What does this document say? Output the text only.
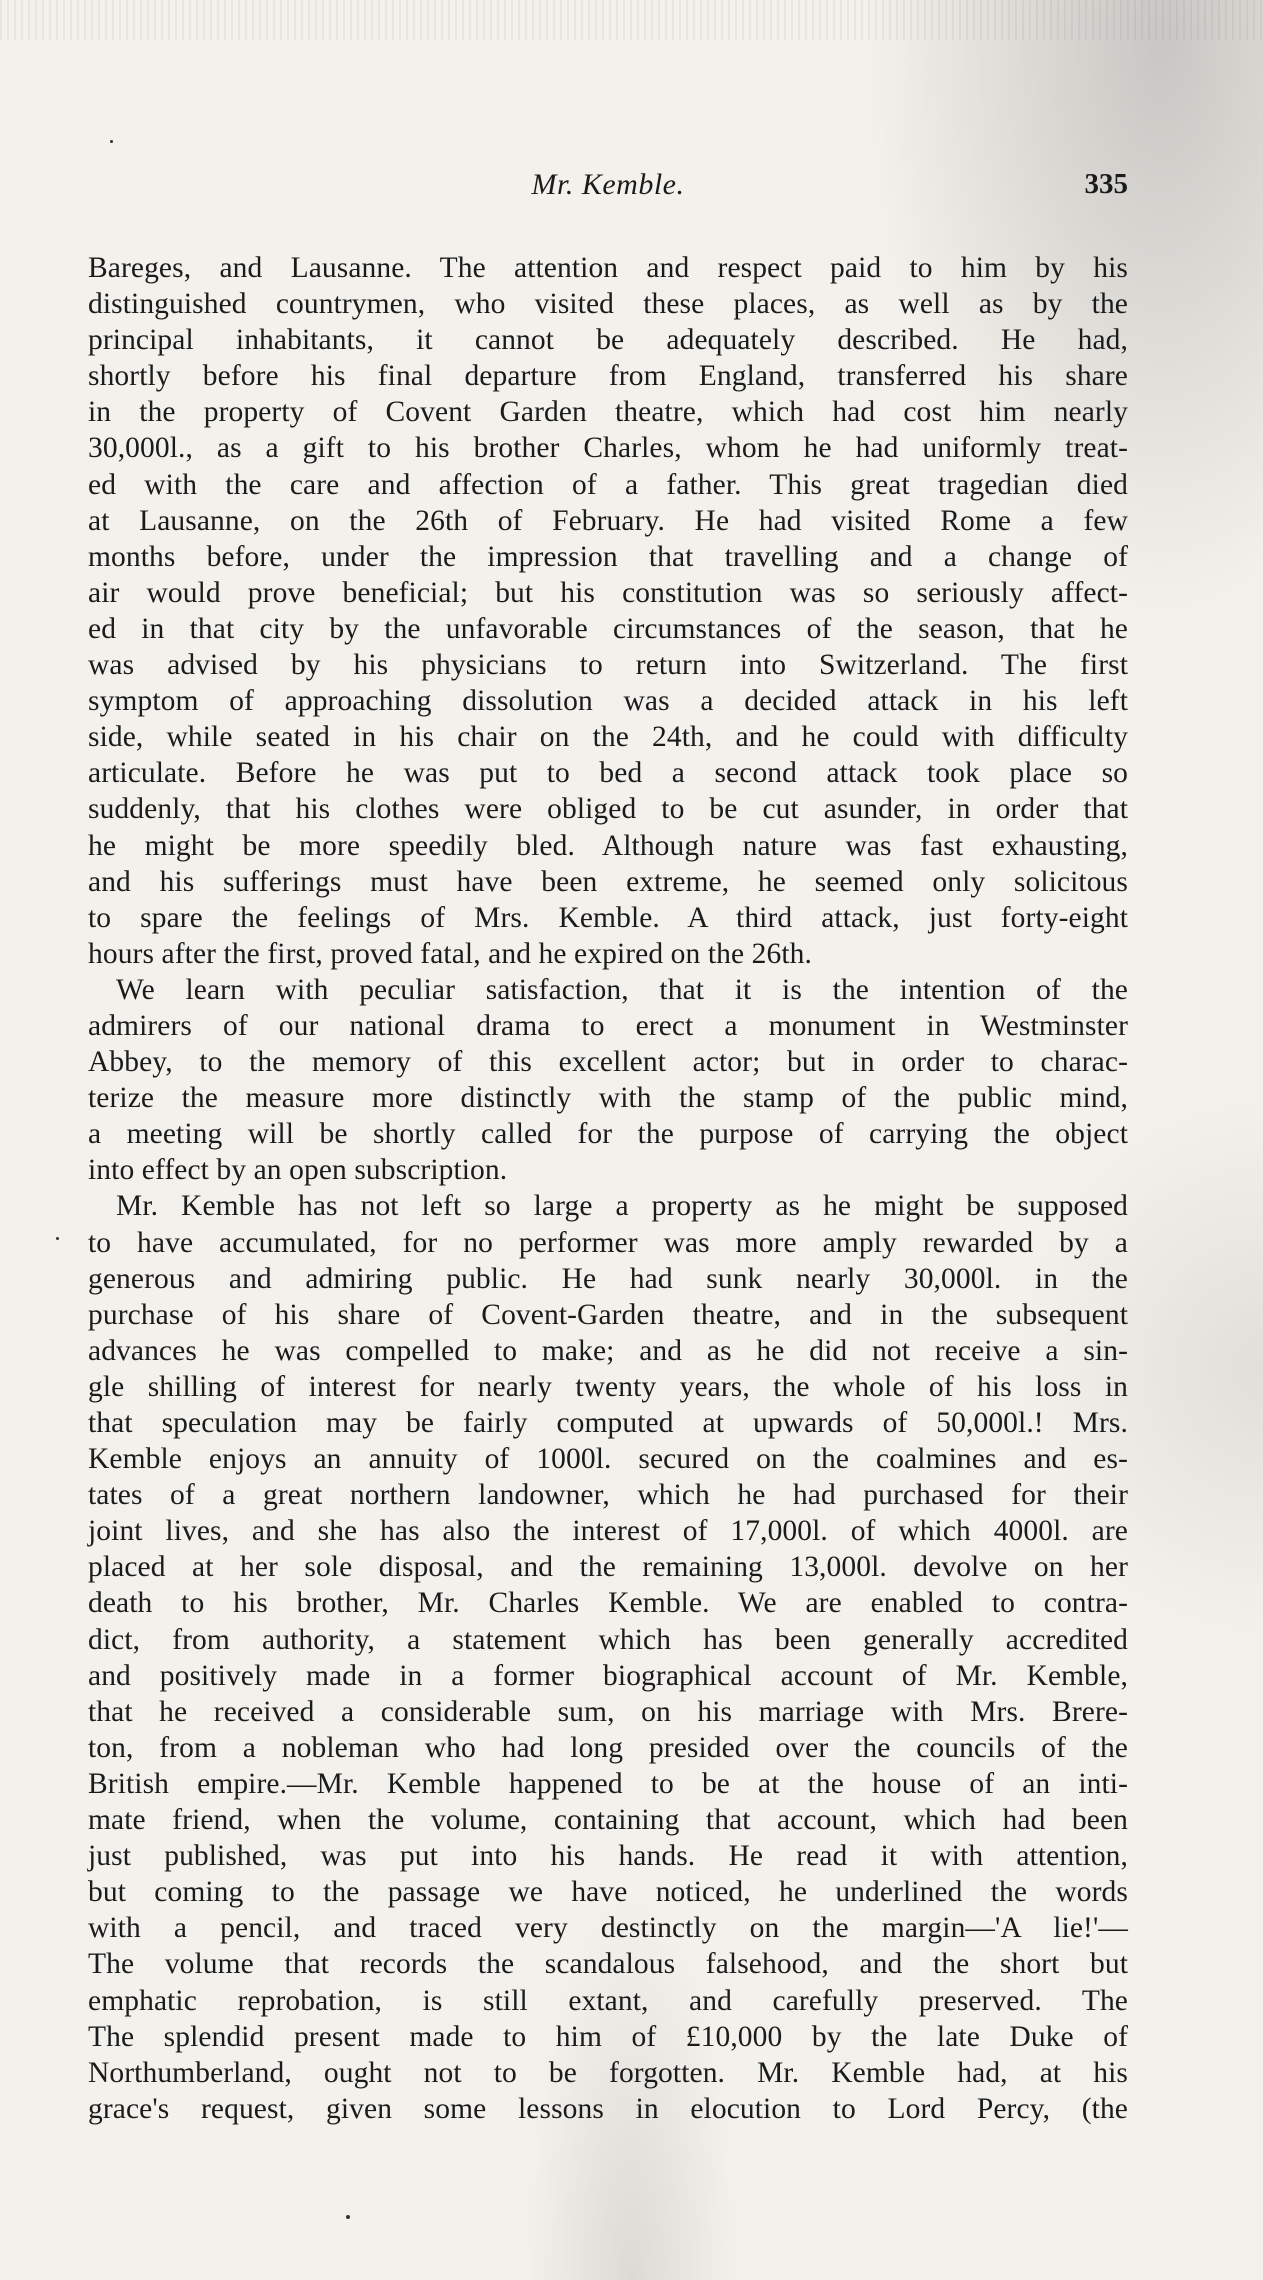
Mr. Kemble.	335
Bareges, and Lausanne. The attention and respect paid to him by his
distinguished countrymen, who visited these places, as well as by the
principal inhabitants, it cannot be adequately described. He had,
shortly before his final departure from England, transferred his share
in the property of Covent Garden theatre, which had cost him nearly
30,000l., as a gift to his brother Charles, whom he had uniformly treat-
ed with the care and affection of a father. This great tragedian died
at Lausanne, on the 26th of February. He had visited Rome a few
months before, under the impression that travelling and a change of
air would prove beneficial; but his constitution was so seriously affect-
ed in that city by the unfavorable circumstances of the season, that he
was advised by his physicians to return into Switzerland. The first
symptom of approaching dissolution was a decided attack in his left
side, while seated in his chair on the 24th, and he could with difficulty
articulate. Before he was put to bed a second attack took place so
suddenly, that his clothes were obliged to be cut asunder, in order that
he might be more speedily bled. Although nature was fast exhausting,
and his sufferings must have been extreme, he seemed only solicitous
to spare the feelings of Mrs. Kemble. A third attack, just forty-eight
hours after the first, proved fatal, and he expired on the 26th.
We learn with peculiar satisfaction, that it is the intention of the
admirers of our national drama to erect a monument in Westminster
Abbey, to the memory of this excellent actor; but in order to charac-
terize the measure more distinctly with the stamp of the public mind,
a meeting will be shortly called for the purpose of carrying the object
into effect by an open subscription.
Mr. Kemble has not left so large a property as he might be supposed
to have accumulated, for no performer was more amply rewarded by a
generous and admiring public. He had sunk nearly 30,000l. in the
purchase of his share of Covent-Garden theatre, and in the subsequent
advances he was compelled to make; and as he did not receive a sin-
gle shilling of interest for nearly twenty years, the whole of his loss in
that speculation may be fairly computed at upwards of 50,000l.! Mrs.
Kemble enjoys an annuity of 1000l. secured on the coalmines and es-
tates of a great northern landowner, which he had purchased for their
joint lives, and she has also the interest of 17,000l. of which 4000l. are
placed at her sole disposal, and the remaining 13,000l. devolve on her
death to his brother, Mr. Charles Kemble. We are enabled to contra-
dict, from authority, a statement which has been generally accredited
and positively made in a former biographical account of Mr. Kemble,
that he received a considerable sum, on his marriage with Mrs. Brere-
ton, from a nobleman who had long presided over the councils of the
British empire.—Mr. Kemble happened to be at the house of an inti-
mate friend, when the volume, containing that account, which had been
just published, was put into his hands. He read it with attention,
but coming to the passage we have noticed, he underlined the words
with a pencil, and traced very destinctly on the margin—'A lie!'—
The volume that records the scandalous falsehood, and the short but
emphatic reprobation, is still extant, and carefully preserved. The
The splendid present made to him of £10,000 by the late Duke of
Northumberland, ought not to be forgotten. Mr. Kemble had, at his
grace's request, given some lessons in elocution to Lord Percy, (the
